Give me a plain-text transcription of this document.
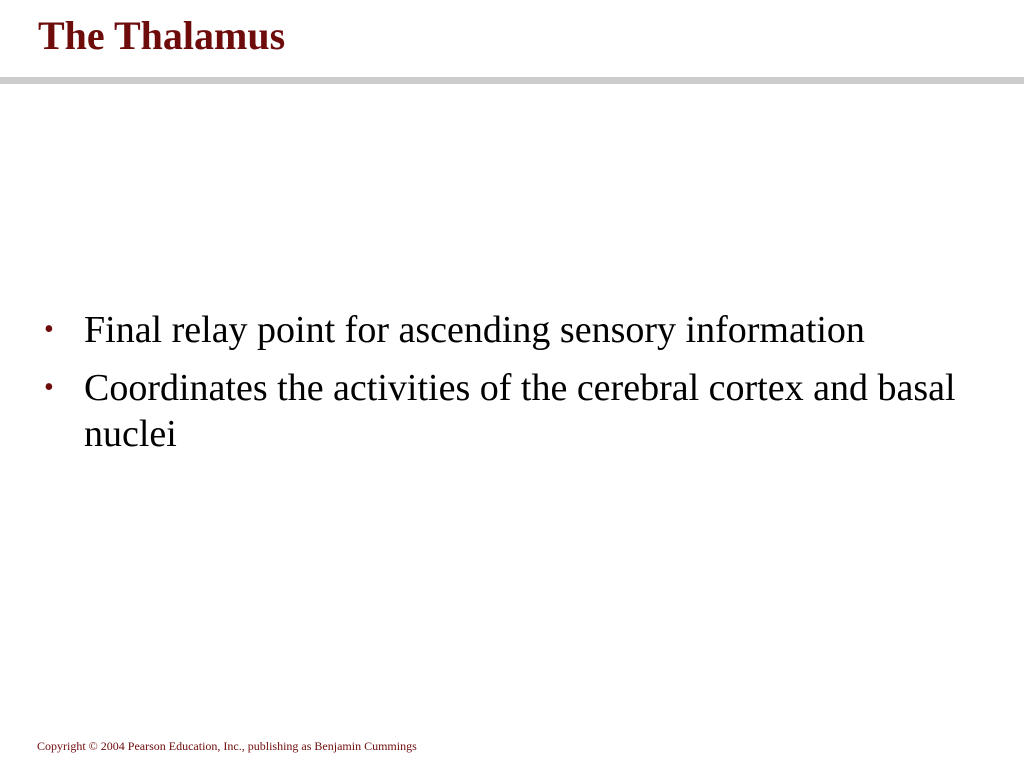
The Thalamus
• Final relay point for ascending sensory information
• Coordinates the activities of the cerebral cortex and basal nuclei
Copyright © 2004 Pearson Education, Inc., publishing as Benjamin Cummings
